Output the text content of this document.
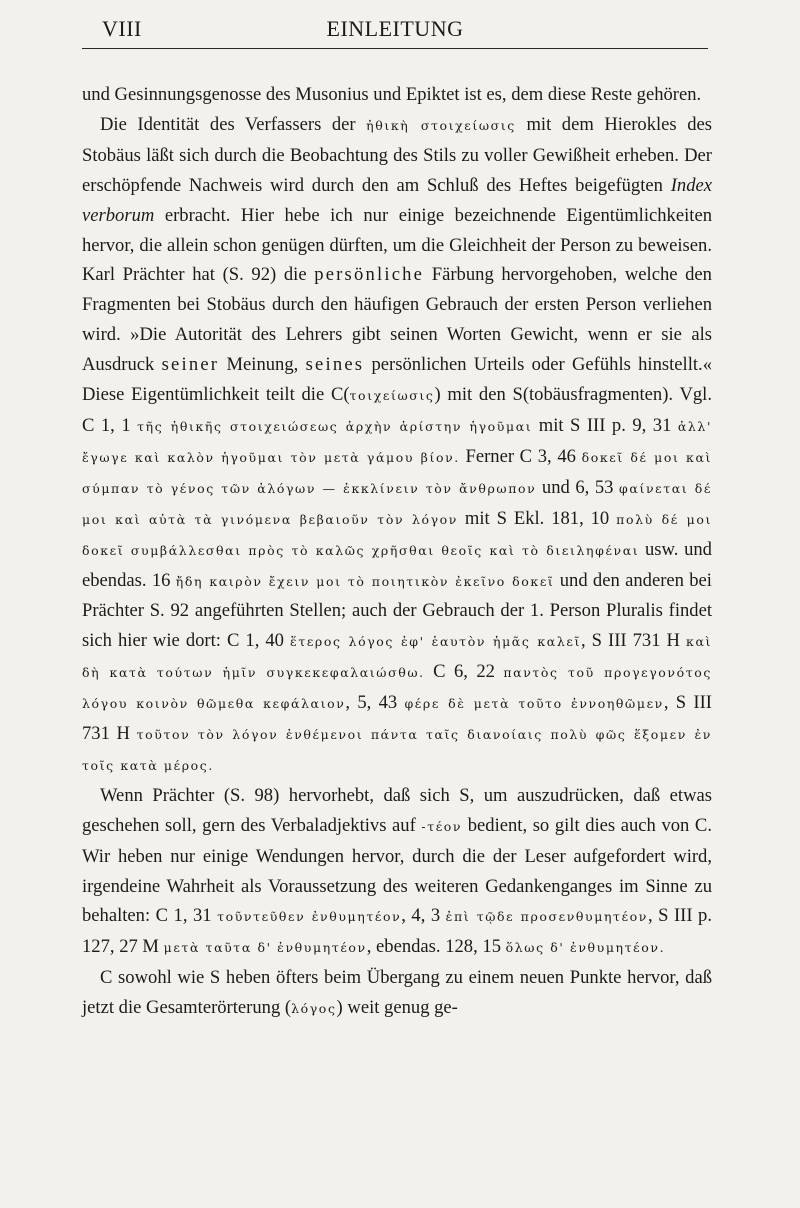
VIII	EINLEITUNG

und Gesinnungsgenosse des Musonius und Epiktet ist es, dem diese Reste gehören.

Die Identität des Verfassers der ἠθικὴ στοιχείωσις mit dem Hierokles des Stobäus läßt sich durch die Beobachtung des Stils zu voller Gewißheit erheben. Der erschöpfende Nachweis wird durch den am Schluß des Heftes beigefügten Index verborum erbracht. Hier hebe ich nur einige bezeichnende Eigentümlichkeiten hervor, die allein schon genügen dürften, um die Gleichheit der Person zu beweisen. Karl Prächter hat (S. 92) die persönliche Färbung hervorgehoben, welche den Fragmenten bei Stobäus durch den häufigen Gebrauch der ersten Person verliehen wird. »Die Autorität des Lehrers gibt seinen Worten Gewicht, wenn er sie als Ausdruck seiner Meinung, seines persönlichen Urteils oder Gefühls hinstellt.« Diese Eigentümlichkeit teilt die C(τοιχείωσις) mit den S(tobäusfragmenten). Vgl. C 1, 1 τῆς ἠθικῆς στοιχειώσεως ἀρχὴν ἀρίστην ἡγοῦμαι mit S III p. 9, 31 ἀλλ' ἔγωγε καὶ καλὸν ἡγοῦμαι τὸν μετὰ γάμου βίον. Ferner C 3, 46 δοκεῖ δέ μοι καὶ σύμπαν τὸ γένος τῶν ἀλόγων — ἐκκλίνειν τὸν ἄνθρωπον und 6, 53 φαίνεται δέ μοι καὶ αὐτὰ τὰ γινόμενα βεβαιοῦν τὸν λόγον mit S Ekl. 181, 10 πολὺ δέ μοι δοκεῖ συμβάλλεσθαι πρὸς τὸ καλῶς χρῆσθαι θεοῖς καὶ τὸ διειληφέναι usw. und ebendas. 16 ἤδη καιρὸν ἔχειν μοι τὸ ποιητικὸν ἐκεῖνο δοκεῖ und den anderen bei Prächter S. 92 angeführten Stellen; auch der Gebrauch der 1. Person Pluralis findet sich hier wie dort: C 1, 40 ἕτερος λόγος ἐφ' ἑαυτὸν ἡμᾶς καλεῖ, S III 731 H καὶ δὴ κατὰ τούτων ἡμῖν συγκεκεφαλαιώσθω. C 6, 22 παντὸς τοῦ προγεγονότος λόγου κοινὸν θῶμεθα κεφάλαιον, 5, 43 φέρε δὲ μετὰ τοῦτο ἐννοηθῶμεν, S III 731 H τοῦτον τὸν λόγον ἐνθέμενοι πάντα ταῖς διανοίαις πολὺ φῶς ἕξομεν ἐν τοῖς κατὰ μέρος.

Wenn Prächter (S. 98) hervorhebt, daß sich S, um auszudrücken, daß etwas geschehen soll, gern des Verbaladjektivs auf -τέον bedient, so gilt dies auch von C. Wir heben nur einige Wendungen hervor, durch die der Leser aufgefordert wird, irgendeine Wahrheit als Voraussetzung des weiteren Gedankenganges im Sinne zu behalten: C 1, 31 τοῦντεῦθεν ἐνθυμητέον, 4, 3 ἐπὶ τῷδε προσενθυμητέον, S III p. 127, 27 M μετὰ ταῦτα δ' ἐνθυμητέον, ebendas. 128, 15 ὅλως δ' ἐνθυμητέον.

C sowohl wie S heben öfters beim Übergang zu einem neuen Punkte hervor, daß jetzt die Gesamterörterung (λόγος) weit genug ge-
